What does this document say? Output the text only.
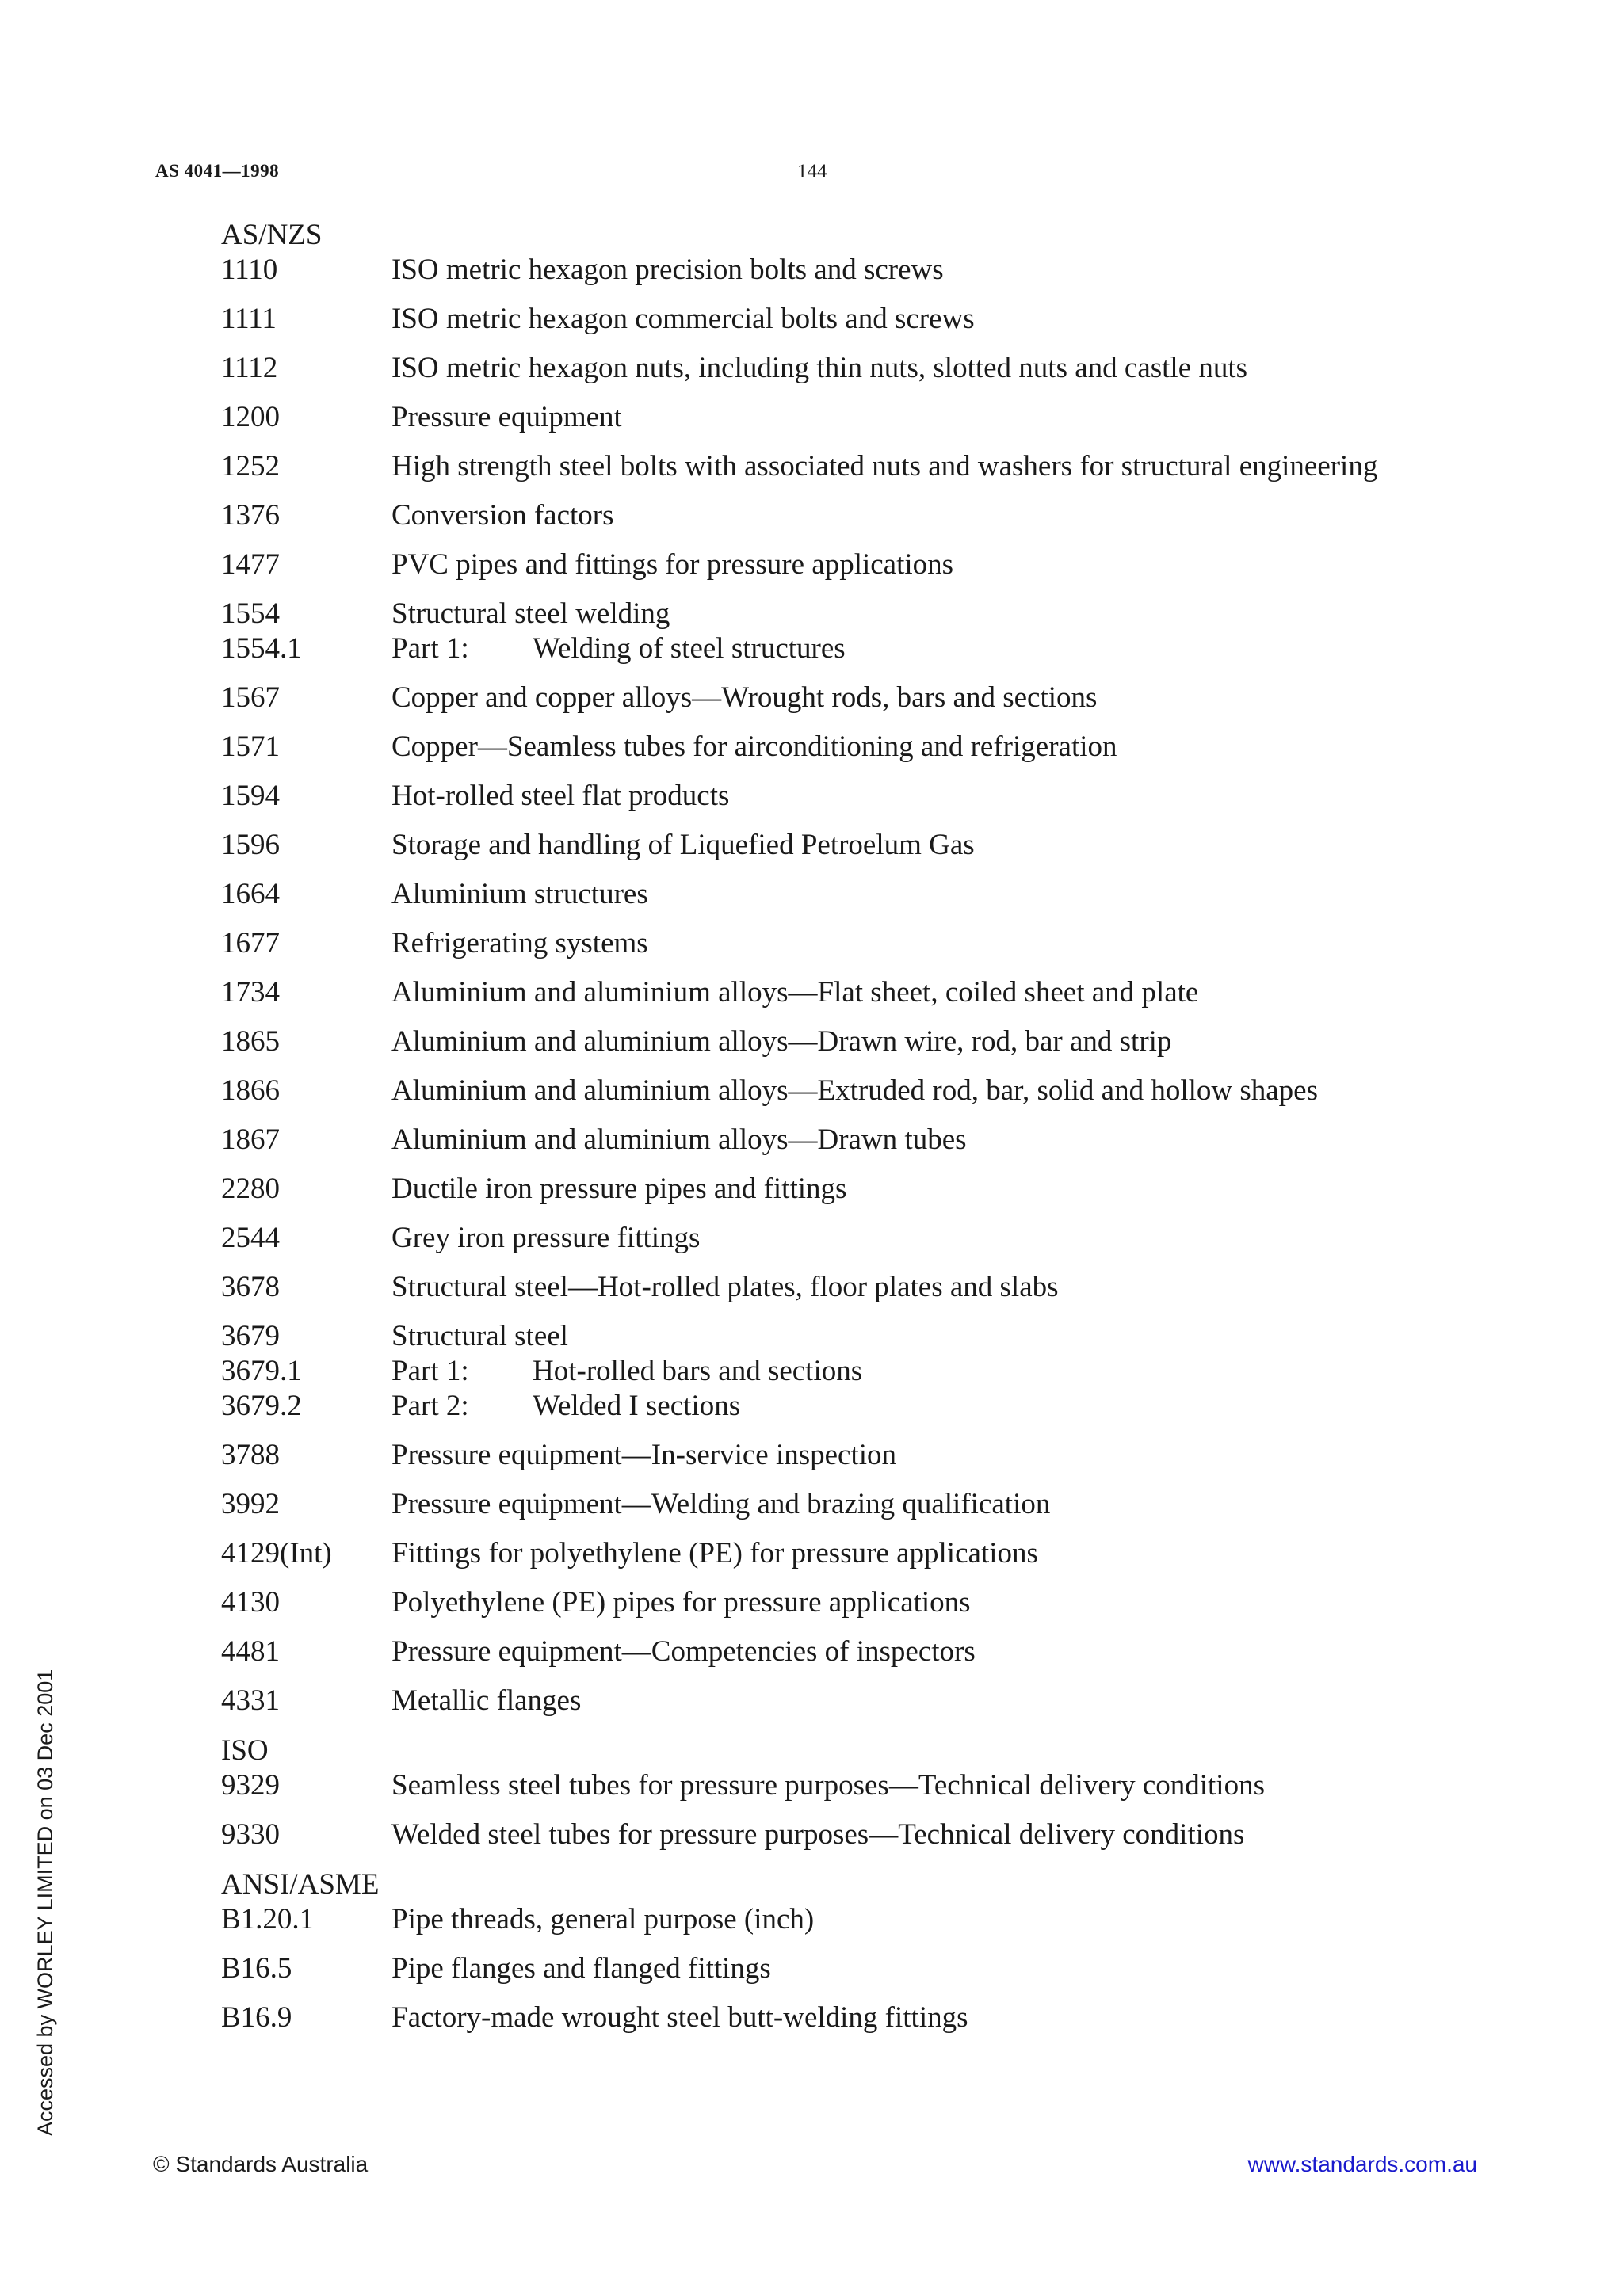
AS 4041—1998	144
AS/NZS
1110	ISO metric hexagon precision bolts and screws
1111	ISO metric hexagon commercial bolts and screws
1112	ISO metric hexagon nuts, including thin nuts, slotted nuts and castle nuts
1200	Pressure equipment
1252	High strength steel bolts with associated nuts and washers for structural engineering
1376	Conversion factors
1477	PVC pipes and fittings for pressure applications
1554	Structural steel welding
1554.1	Part 1:	Welding of steel structures
1567	Copper and copper alloys—Wrought rods, bars and sections
1571	Copper—Seamless tubes for airconditioning and refrigeration
1594	Hot-rolled steel flat products
1596	Storage and handling of Liquefied Petroelum Gas
1664	Aluminium structures
1677	Refrigerating systems
1734	Aluminium and aluminium alloys—Flat sheet, coiled sheet and plate
1865	Aluminium and aluminium alloys—Drawn wire, rod, bar and strip
1866	Aluminium and aluminium alloys—Extruded rod, bar, solid and hollow shapes
1867	Aluminium and aluminium alloys—Drawn tubes
2280	Ductile iron pressure pipes and fittings
2544	Grey iron pressure fittings
3678	Structural steel—Hot-rolled plates, floor plates and slabs
3679	Structural steel
3679.1	Part 1:	Hot-rolled bars and sections
3679.2	Part 2:	Welded I sections
3788	Pressure equipment—In-service inspection
3992	Pressure equipment—Welding and brazing qualification
4129(Int)	Fittings for polyethylene (PE) for pressure applications
4130	Polyethylene (PE) pipes for pressure applications
4481	Pressure equipment—Competencies of inspectors
4331	Metallic flanges
ISO
9329	Seamless steel tubes for pressure purposes—Technical delivery conditions
9330	Welded steel tubes for pressure purposes—Technical delivery conditions
ANSI/ASME
B1.20.1	Pipe threads, general purpose (inch)
B16.5	Pipe flanges and flanged fittings
B16.9	Factory-made wrought steel butt-welding fittings
Accessed by WORLEY LIMITED on 03 Dec 2001
© Standards Australia	www.standards.com.au
